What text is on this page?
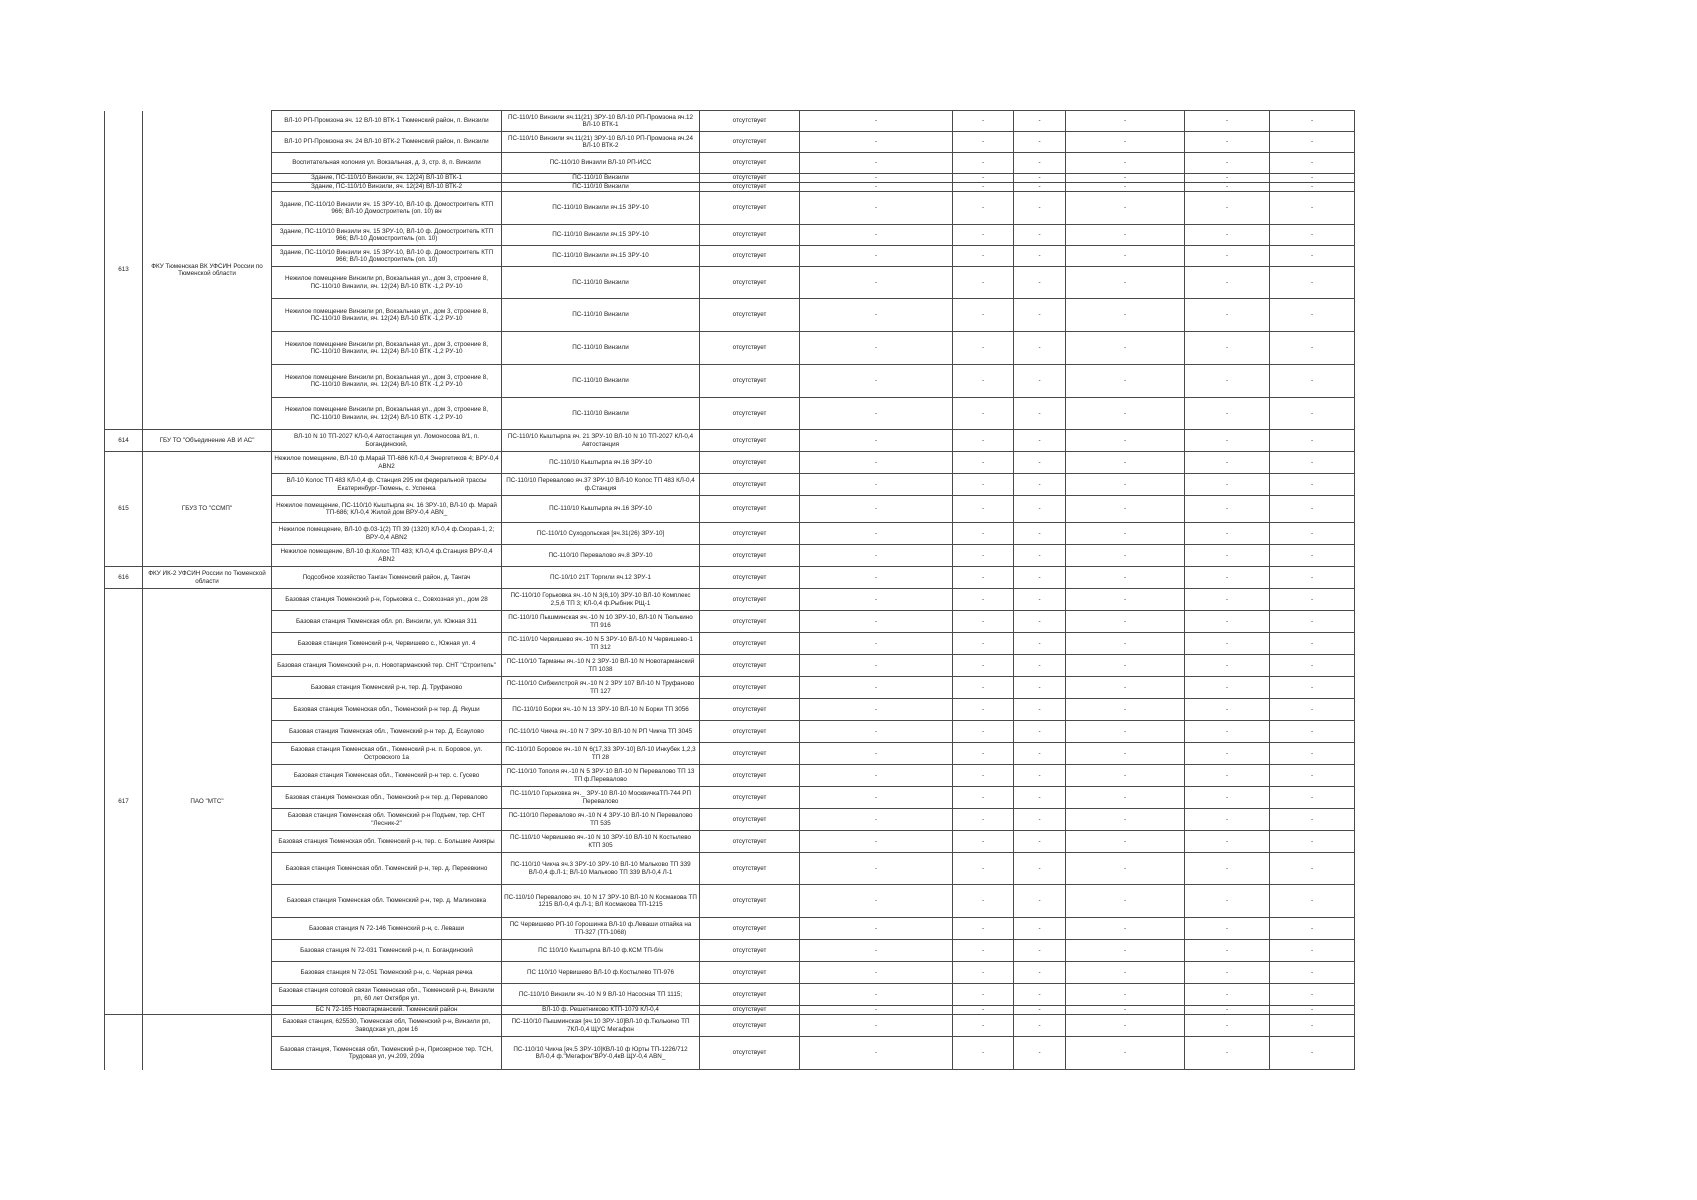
613	ФКУ Тюменская ВК УФСИН России по Тюменской области	ВЛ-10 РП-Промзона яч. 12 ВЛ-10 ВТК-1 Тюменский район, п. Винзили	ПС-110/10 Винзили яч.11(21) ЗРУ-10 ВЛ-10 РП-Промзона яч.12 ВЛ-10 ВТК-1	отсутствует	-	-	-	-	-	-
		ВЛ-10 РП-Промзона яч. 24 ВЛ-10 ВТК-2 Тюменский район, п. Винзили	ПС-110/10 Винзили яч.11(21) ЗРУ-10 ВЛ-10 РП-Промзона яч.24 ВЛ-10 ВТК-2	отсутствует	-	-	-	-	-	-
		Воспитательная колония ул. Вокзальная, д. 3, стр. 8, п. Винзили	ПС-110/10 Винзили ВЛ-10 РП-ИСС	отсутствует	-	-	-	-	-	-
		Здание, ПС-110/10 Винзили, яч. 12(24) ВЛ-10 ВТК-1	ПС-110/10 Винзили	отсутствует	-	-	-	-	-	-
		Здание, ПС-110/10 Винзили, яч. 12(24) ВЛ-10 ВТК-2	ПС-110/10 Винзили	отсутствует	-	-	-	-	-	-
		Здание, ПС-110/10 Винзили яч. 15 ЗРУ-10, ВЛ-10 ф. Домостроитель КТП 966; ВЛ-10 Домостроитель (оп. 10) вн	ПС-110/10 Винзили яч.15 ЗРУ-10	отсутствует	-	-	-	-	-	-
		Здание, ПС-110/10 Винзили яч. 15 ЗРУ-10, ВЛ-10 ф. Домостроитель КТП 966; ВЛ-10 Домостроитель (оп. 10)	ПС-110/10 Винзили яч.15 ЗРУ-10	отсутствует	-	-	-	-	-	-
		Здание, ПС-110/10 Винзили яч. 15 ЗРУ-10, ВЛ-10 ф. Домостроитель КТП 966; ВЛ-10 Домостроитель (оп. 10)	ПС-110/10 Винзили яч.15 ЗРУ-10	отсутствует	-	-	-	-	-	-
		Нежилое помещение Винзили рп, Вокзальная ул., дом 3, строение 8, ПС-110/10 Винзили, яч. 12(24) ВЛ-10 ВТК -1,2 РУ-10	ПС-110/10 Винзили	отсутствует	-	-	-	-	-	-
		Нежилое помещение Винзили рп, Вокзальная ул., дом 3, строение 8, ПС-110/10 Винзили, яч. 12(24) ВЛ-10 ВТК -1,2 РУ-10	ПС-110/10 Винзили	отсутствует	-	-	-	-	-	-
		Нежилое помещение Винзили рп, Вокзальная ул., дом 3, строение 8, ПС-110/10 Винзили, яч. 12(24) ВЛ-10 ВТК -1,2 РУ-10	ПС-110/10 Винзили	отсутствует	-	-	-	-	-	-
		Нежилое помещение Винзили рп, Вокзальная ул., дом 3, строение 8, ПС-110/10 Винзили, яч. 12(24) ВЛ-10 ВТК -1,2 РУ-10	ПС-110/10 Винзили	отсутствует	-	-	-	-	-	-
		Нежилое помещение Винзили рп, Вокзальная ул., дом 3, строение 8, ПС-110/10 Винзили, яч. 12(24) ВЛ-10 ВТК -1,2 РУ-10	ПС-110/10 Винзили	отсутствует	-	-	-	-	-	-
614	ГБУ ТО "Объединение АВ И АС"	ВЛ-10 N 10 ТП-2027 КЛ-0,4 Автостанция ул. Ломоносова 8/1, п. Богандинский,	ПС-110/10 Кыштырла яч. 21 ЗРУ-10 ВЛ-10 N 10 ТП-2027 КЛ-0,4 Автостанция	отсутствует	-	-	-	-	-	-
615	ГБУЗ ТО "ССМП"	Нежилое помещение, ВЛ-10 ф.Марай ТП-686 КЛ-0,4 Энергетиков 4; ВРУ-0,4 АВN2	ПС-110/10 Кыштырла яч.16 ЗРУ-10	отсутствует	-	-	-	-	-	-
		ВЛ-10 Колос ТП 483 КЛ-0,4 ф. Станция 295 км федеральной трассы Екатеринбург-Тюмень, с. Успенка	ПС-110/10 Перевалово яч.37 ЗРУ-10 ВЛ-10 Колос ТП 483 КЛ-0,4 ф.Станция	отсутствует	-	-	-	-	-	-
		Нежилое помещение, ПС-110/10 Кыштырла яч. 16 ЗРУ-10, ВЛ-10 ф. Марай ТП-686; КЛ-0,4 Жилой дом ВРУ-0,4 АВN_	ПС-110/10 Кыштырла яч.16 ЗРУ-10	отсутствует	-	-	-	-	-	-
		Нежилое помещение, ВЛ-10 ф.03-1(2) ТП 39 (1320) КЛ-0,4 ф.Скорая-1, 2; ВРУ-0,4 АВN2	ПС-110/10 Суходольская [яч.31(26) ЗРУ-10]	отсутствует	-	-	-	-	-	-
		Нежилое помещение, ВЛ-10 ф.Колос ТП 483; КЛ-0,4 ф.Станция ВРУ-0,4 АВN2	ПС-110/10 Перевалово яч.8 ЗРУ-10	отсутствует	-	-	-	-	-	-
616	ФКУ ИК-2 УФСИН России по Тюменской области	Подсобное хозяйство Тангач Тюменский район, д. Тангач	ПС-10/10 21Т Торгили яч.12 ЗРУ-1	отсутствует	-	-	-	-	-	-
617	ПАО "МТС"	Базовая станция Тюменский р-н, Горьковка с., Совхозная ул., дом 28	ПС-110/10 Горьковка яч.-10 N 3(6,10) ЗРУ-10 ВЛ-10 Комплекс 2,5,6 ТП 3; КЛ-0,4 ф.Рыбник РЩ-1	отсутствует	-	-	-	-	-	-
		Базовая станция Тюменская обл. рп. Винзили, ул. Южная 311	ПС-110/10 Пышминская яч.-10 N 10 ЗРУ-10, ВЛ-10 N Тюлькино ТП 916	отсутствует	-	-	-	-	-	-
		Базовая станция Тюменский р-н, Червишево с., Южная ул. 4	ПС-110/10 Червишево яч.-10 N 5 ЗРУ-10 ВЛ-10 N Червишево-1 ТП 312	отсутствует	-	-	-	-	-	-
		Базовая станция Тюменский р-н, п. Новотарманский тер. СНТ "Строитель"	ПС-110/10 Тарманы яч.-10 N 2 ЗРУ-10 ВЛ-10 N Новотарманский ТП 1038	отсутствует	-	-	-	-	-	-
		Базовая станция Тюменский р-н, тер. Д. Труфаново	ПС-110/10 Сибжилстрой яч.-10 N 2 ЗРУ 107 ВЛ-10 N Труфаново ТП 127	отсутствует	-	-	-	-	-	-
		Базовая станция Тюменская обл., Тюменский р-н тер. Д. Якуши	ПС-110/10 Борки яч.-10 N 13 ЗРУ-10 ВЛ-10 N Борки ТП 3056	отсутствует	-	-	-	-	-	-
		Базовая станция Тюменская обл., Тюменский р-н тер. Д. Есаулово	ПС-110/10 Чикча яч.-10 N 7 ЗРУ-10 ВЛ-10 N РП Чикча ТП 3045	отсутствует	-	-	-	-	-	-
		Базовая станция Тюменская обл., Тюменский р-н. п. Боровое, ул. Островского 1а	ПС-110/10 Боровое яч.-10 N 6(17,33 ЗРУ-10] ВЛ-10 Инкубек 1,2,3 ТП 28	отсутствует	-	-	-	-	-	-
		Базовая станция Тюменская обл., Тюменский р-н тер. с. Гусево	ПС-110/10 Тополя яч.-10 N 5 ЗРУ-10 ВЛ-10 N Перевалово ТП 13 ТП ф.Перевалово	отсутствует	-	-	-	-	-	-
		Базовая станция Тюменская обл., Тюменский р-н тер. д. Перевалово	ПС-110/10 Горьковка яч._ ЗРУ-10 ВЛ-10 МосквичкаТП-744 РП Перевалово	отсутствует	-	-	-	-	-	-
		Базовая станция Тюменская обл. Тюменский р-н Подъем, тер. СНТ "Лесник-2"	ПС-110/10 Перевалово яч.-10 N 4 ЗРУ-10 ВЛ-10 N Перевалово ТП 535	отсутствует	-	-	-	-	-	-
		Базовая станция Тюменская обл. Тюменский р-н, тер. с. Большие Акияры	ПС-110/10 Червишево яч.-10 N 10 ЗРУ-10 ВЛ-10 N Костылево КТП 305	отсутствует	-	-	-	-	-	-
		Базовая станция Тюменская обл. Тюменский р-н, тер. д. Переевкино	ПС-110/10 Чикча яч.3 ЗРУ-10 ЗРУ-10 ВЛ-10 Мальково ТП 339 ВЛ-0,4 ф.Л-1; ВЛ-10 Мальково ТП 339 ВЛ-0,4 Л-1	отсутствует	-	-	-	-	-	-
		Базовая станция Тюменская обл. Тюменский р-н, тер. д. Малиновка	ПС-110/10 Перевалово яч. 10 N 17 ЗРУ-10 ВЛ-10 N Космакова ТП 1215 ВЛ-0,4 ф.Л-1; ВЛ Космакова ТП-1215	отсутствует	-	-	-	-	-	-
		Базовая станция N 72-146 Тюменский р-н, с. Леваши	ПС Червишево РП-10 Горошинка ВЛ-10 ф.Леваши отпайка на ТП-327 (ТП-1068)	отсутствует	-	-	-	-	-	-
		Базовая станция N 72-031 Тюменский р-н, п. Богандинский	ПС 110/10 Кыштырла ВЛ-10 ф.КСМ ТП-б/н	отсутствует	-	-	-	-	-	-
		Базовая станция N 72-051 Тюменский р-н, с. Черная речка	ПС 110/10 Червишево ВЛ-10 ф.Костылево ТП-976	отсутствует	-	-	-	-	-	-
		Базовая станция сотовой связи Тюменская обл., Тюменский р-н, Винзили рп, 60 лет Октября ул.	ПС-110/10 Винзили яч.-10 N 9 ВЛ-10 Насосная ТП 1115;	отсутствует	-	-	-	-	-	-
		БС N 72-165 Новотарманский. Тюменский район	ВЛ-10 ф. Решетниково КТП-1079 КЛ-0,4	отсутствует	-	-	-	-	-	-
		Базовая станция, 625530, Тюменская обл, Тюменский р-н, Винзили рп, Заводская ул, дом 16	ПС-110/10 Пышминская [яч.10 ЗРУ-10]ВЛ-10 ф.Тюлькино ТП 7КЛ-0,4 ЩУС Мегафон	отсутствует	-	-	-	-	-	-
		Базовая станция, Тюменская обл, Тюменский р-н, Приозерное тер. ТСН, Трудовая ул, уч.209, 209а	ПС-110/10 Чикча [яч.5 ЗРУ-10]КВЛ-10 ф Юрты ТП-1226/712 ВЛ-0,4 ф."Мегафон"ВРУ-0,4кВ ЩУ-0,4 АВN_	отсутствует	-	-	-	-	-	-
